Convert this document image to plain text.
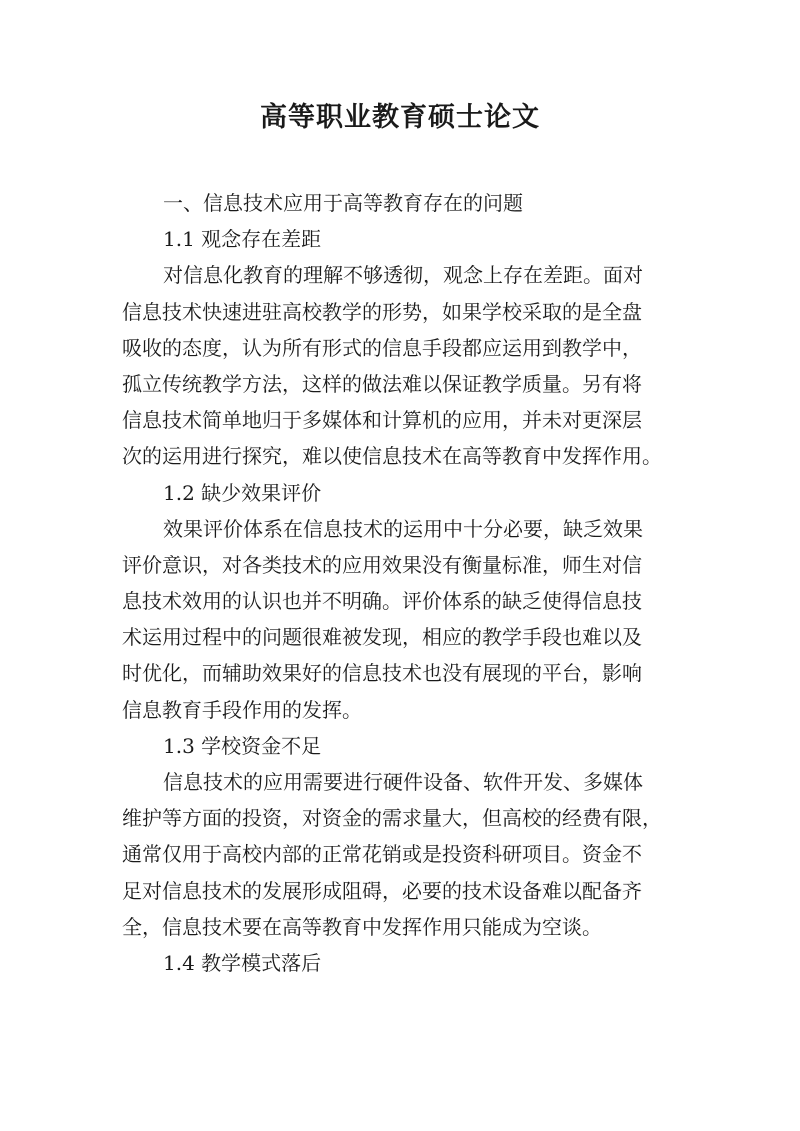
高等职业教育硕士论文
一、信息技术应用于高等教育存在的问题
1.1 观念存在差距
对信息化教育的理解不够透彻，观念上存在差距。面对
信息技术快速进驻高校教学的形势，如果学校采取的是全盘
吸收的态度，认为所有形式的信息手段都应运用到教学中，
孤立传统教学方法，这样的做法难以保证教学质量。另有将
信息技术简单地归于多媒体和计算机的应用，并未对更深层
次的运用进行探究，难以使信息技术在高等教育中发挥作用。
1.2 缺少效果评价
效果评价体系在信息技术的运用中十分必要，缺乏效果
评价意识，对各类技术的应用效果没有衡量标准，师生对信
息技术效用的认识也并不明确。评价体系的缺乏使得信息技
术运用过程中的问题很难被发现，相应的教学手段也难以及
时优化，而辅助效果好的信息技术也没有展现的平台，影响
信息教育手段作用的发挥。
1.3 学校资金不足
信息技术的应用需要进行硬件设备、软件开发、多媒体
维护等方面的投资，对资金的需求量大，但高校的经费有限，
通常仅用于高校内部的正常花销或是投资科研项目。资金不
足对信息技术的发展形成阻碍，必要的技术设备难以配备齐
全，信息技术要在高等教育中发挥作用只能成为空谈。
1.4 教学模式落后
